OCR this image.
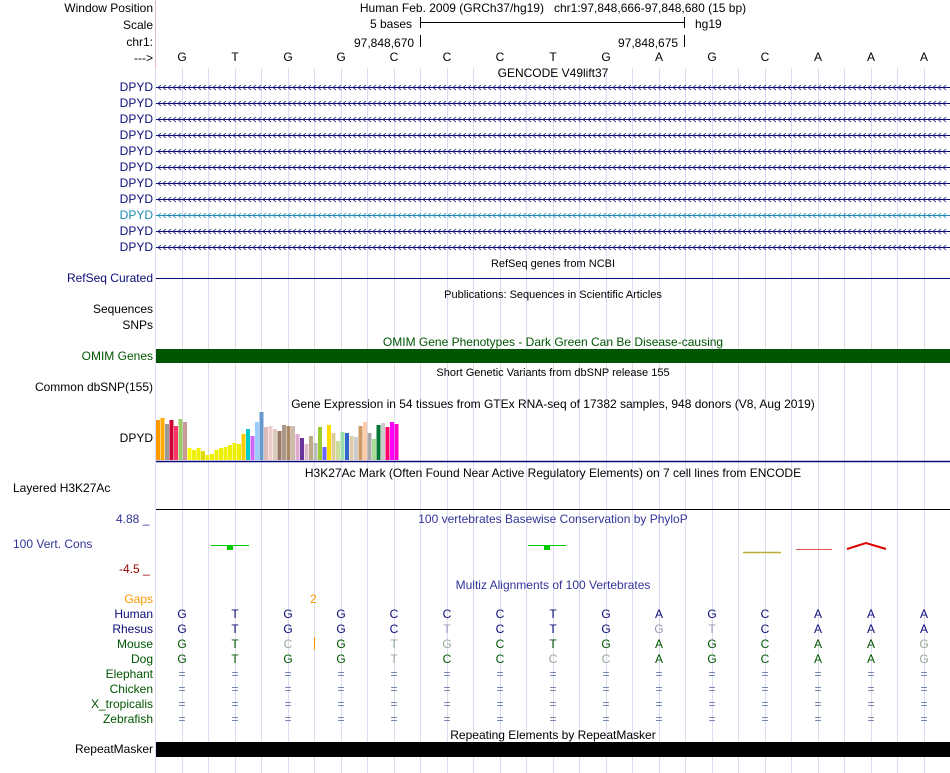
Window Position
Scale
chr1:
--->
Human Feb. 2009 (GRCh37/hg19)   chr1:97,848,666-97,848,680 (15 bp)
5 bases	hg19
97,848,670	97,848,675
GENCODE V49lift37
DPYD
DPYD
DPYD
DPYD
DPYD
DPYD
DPYD
DPYD
DPYD
DPYD
DPYD
RefSeq genes from NCBI
RefSeq Curated
Publications: Sequences in Scientific Articles
Sequences
SNPs
OMIM Gene Phenotypes - Dark Green Can Be Disease-causing
OMIM Genes
Short Genetic Variants from dbSNP release 155
Common dbSNP(155)
Gene Expression in 54 tissues from GTEx RNA-seq of 17382 samples, 948 donors (V8, Aug 2019)
DPYD
H3K27Ac Mark (Often Found Near Active Regulatory Elements) on 7 cell lines from ENCODE
Layered H3K27Ac
100 vertebrates Basewise Conservation by PhyloP
4.88 _
100 Vert. Cons
-4.5 _
Multiz Alignments of 100 Vertebrates
Gaps	2
Human	G	T	G	G	C	C	C	T	G	A	G	C	A	A	A
Rhesus	G	T	G	G	C	T	C	T	G	G	T	C	A	A	A
Mouse	G	T	C	G	T	G	C	T	G	A	G	C	A	A	G
Dog	G	T	G	G	T	C	C	C	C	A	G	C	A	A	G
Elephant	=	=	=	=	=	=	=	=	=	=	=	=	=	=	=
Chicken	=	=	=	=	=	=	=	=	=	=	=	=	=	=	=
X_tropicalis	=	=	=	=	=	=	=	=	=	=	=	=	=	=	=
Zebrafish	=	=	=	=	=	=	=	=	=	=	=	=	=	=	=
Repeating Elements by RepeatMasker
RepeatMasker
G	T	G	G	C	C	C	T	G	A	G	C	A	A	A
